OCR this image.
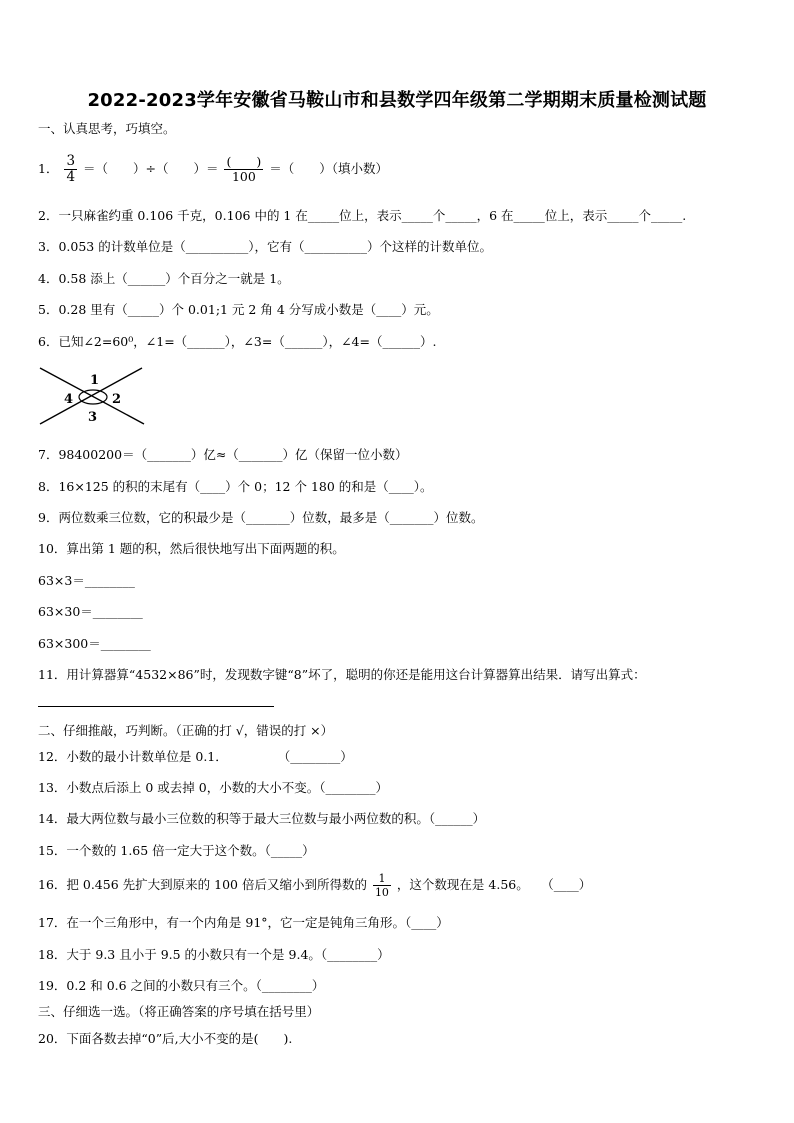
2022-2023学年安徽省马鞍山市和县数学四年级第二学期期末质量检测试题
一、认真思考，巧填空。
1． $\frac{3}{4}$ ＝（　　）÷（　　）＝ $\frac{( )}{100}$ ＝（　　）（填小数）
2．一只麻雀约重 0.106 千克，0.106 中的 1 在_____位上，表示_____个_____，6 在_____位上，表示_____个_____.
3．0.053 的计数单位是（__________），它有（__________）个这样的计数单位。
4．0.58 添上（______）个百分之一就是 1。
5．0.28 里有（_____）个 0.01;1 元 2 角 4 分写成小数是（____）元。
6．已知∠2=60⁰，∠1=（______），∠3=（______），∠4=（______）.
1
2
3
4
7．98400200＝（_______）亿≈（_______）亿（保留一位小数）
8．16×125 的积的末尾有（____）个 0；12 个 180 的和是（____）。
9．两位数乘三位数，它的积最少是（_______）位数，最多是（_______）位数。
10．算出第 1 题的积，然后很快地写出下面两题的积。
63×3＝________
63×30＝________
63×300＝________
11．用计算器算“4532×86”时，发现数字键“8”坏了，聪明的你还是能用这台计算器算出结果．请写出算式：
二、仔细推敲，巧判断。（正确的打 √，错误的打 ×）
12．小数的最小计数单位是 0.1．　　　　　（________）
13．小数点后添上 0 或去掉 0，小数的大小不变。（________）
14．最大两位数与最小三位数的积等于最大三位数与最小两位数的积。（______）
15．一个数的 1.65 倍一定大于这个数。（_____）
16．把 0.456 先扩大到原来的 100 倍后又缩小到所得数的 $\frac{1}{10}$ ，这个数现在是 4.56。　　（____）
17．在一个三角形中，有一个内角是 91°，它一定是钝角三角形。（____）
18．大于 9.3 且小于 9.5 的小数只有一个是 9.4。（________）
19．0.2 和 0.6 之间的小数只有三个。（________）
三、仔细选一选。（将正确答案的序号填在括号里）
20．下面各数去掉“0”后,大小不变的是(　　).
